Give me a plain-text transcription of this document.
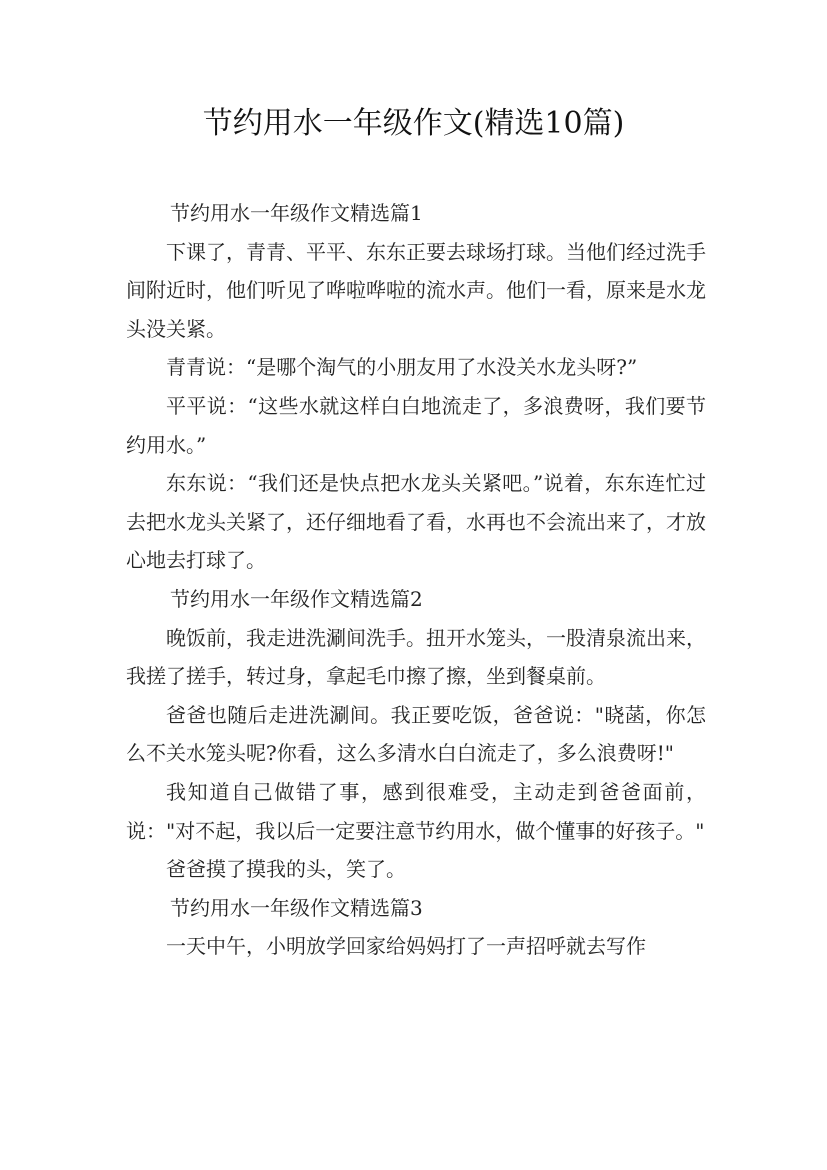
节约用水一年级作文(精选10篇)

节约用水一年级作文精选篇1

下课了，青青、平平、东东正要去球场打球。当他们经过洗手间附近时，他们听见了哗啦哗啦的流水声。他们一看，原来是水龙头没关紧。

青青说：“是哪个淘气的小朋友用了水没关水龙头呀?”

平平说：“这些水就这样白白地流走了，多浪费呀，我们要节约用水。”

东东说：“我们还是快点把水龙头关紧吧。”说着，东东连忙过去把水龙头关紧了，还仔细地看了看，水再也不会流出来了，才放心地去打球了。

节约用水一年级作文精选篇2

晚饭前，我走进洗涮间洗手。扭开水笼头，一股清泉流出来，我搓了搓手，转过身，拿起毛巾擦了擦，坐到餐桌前。

爸爸也随后走进洗涮间。我正要吃饭，爸爸说："晓菡，你怎么不关水笼头呢?你看，这么多清水白白流走了，多么浪费呀!"

我知道自己做错了事，感到很难受，主动走到爸爸面前，说："对不起，我以后一定要注意节约用水，做个懂事的好孩子。"

爸爸摸了摸我的头，笑了。

节约用水一年级作文精选篇3

一天中午，小明放学回家给妈妈打了一声招呼就去写作
